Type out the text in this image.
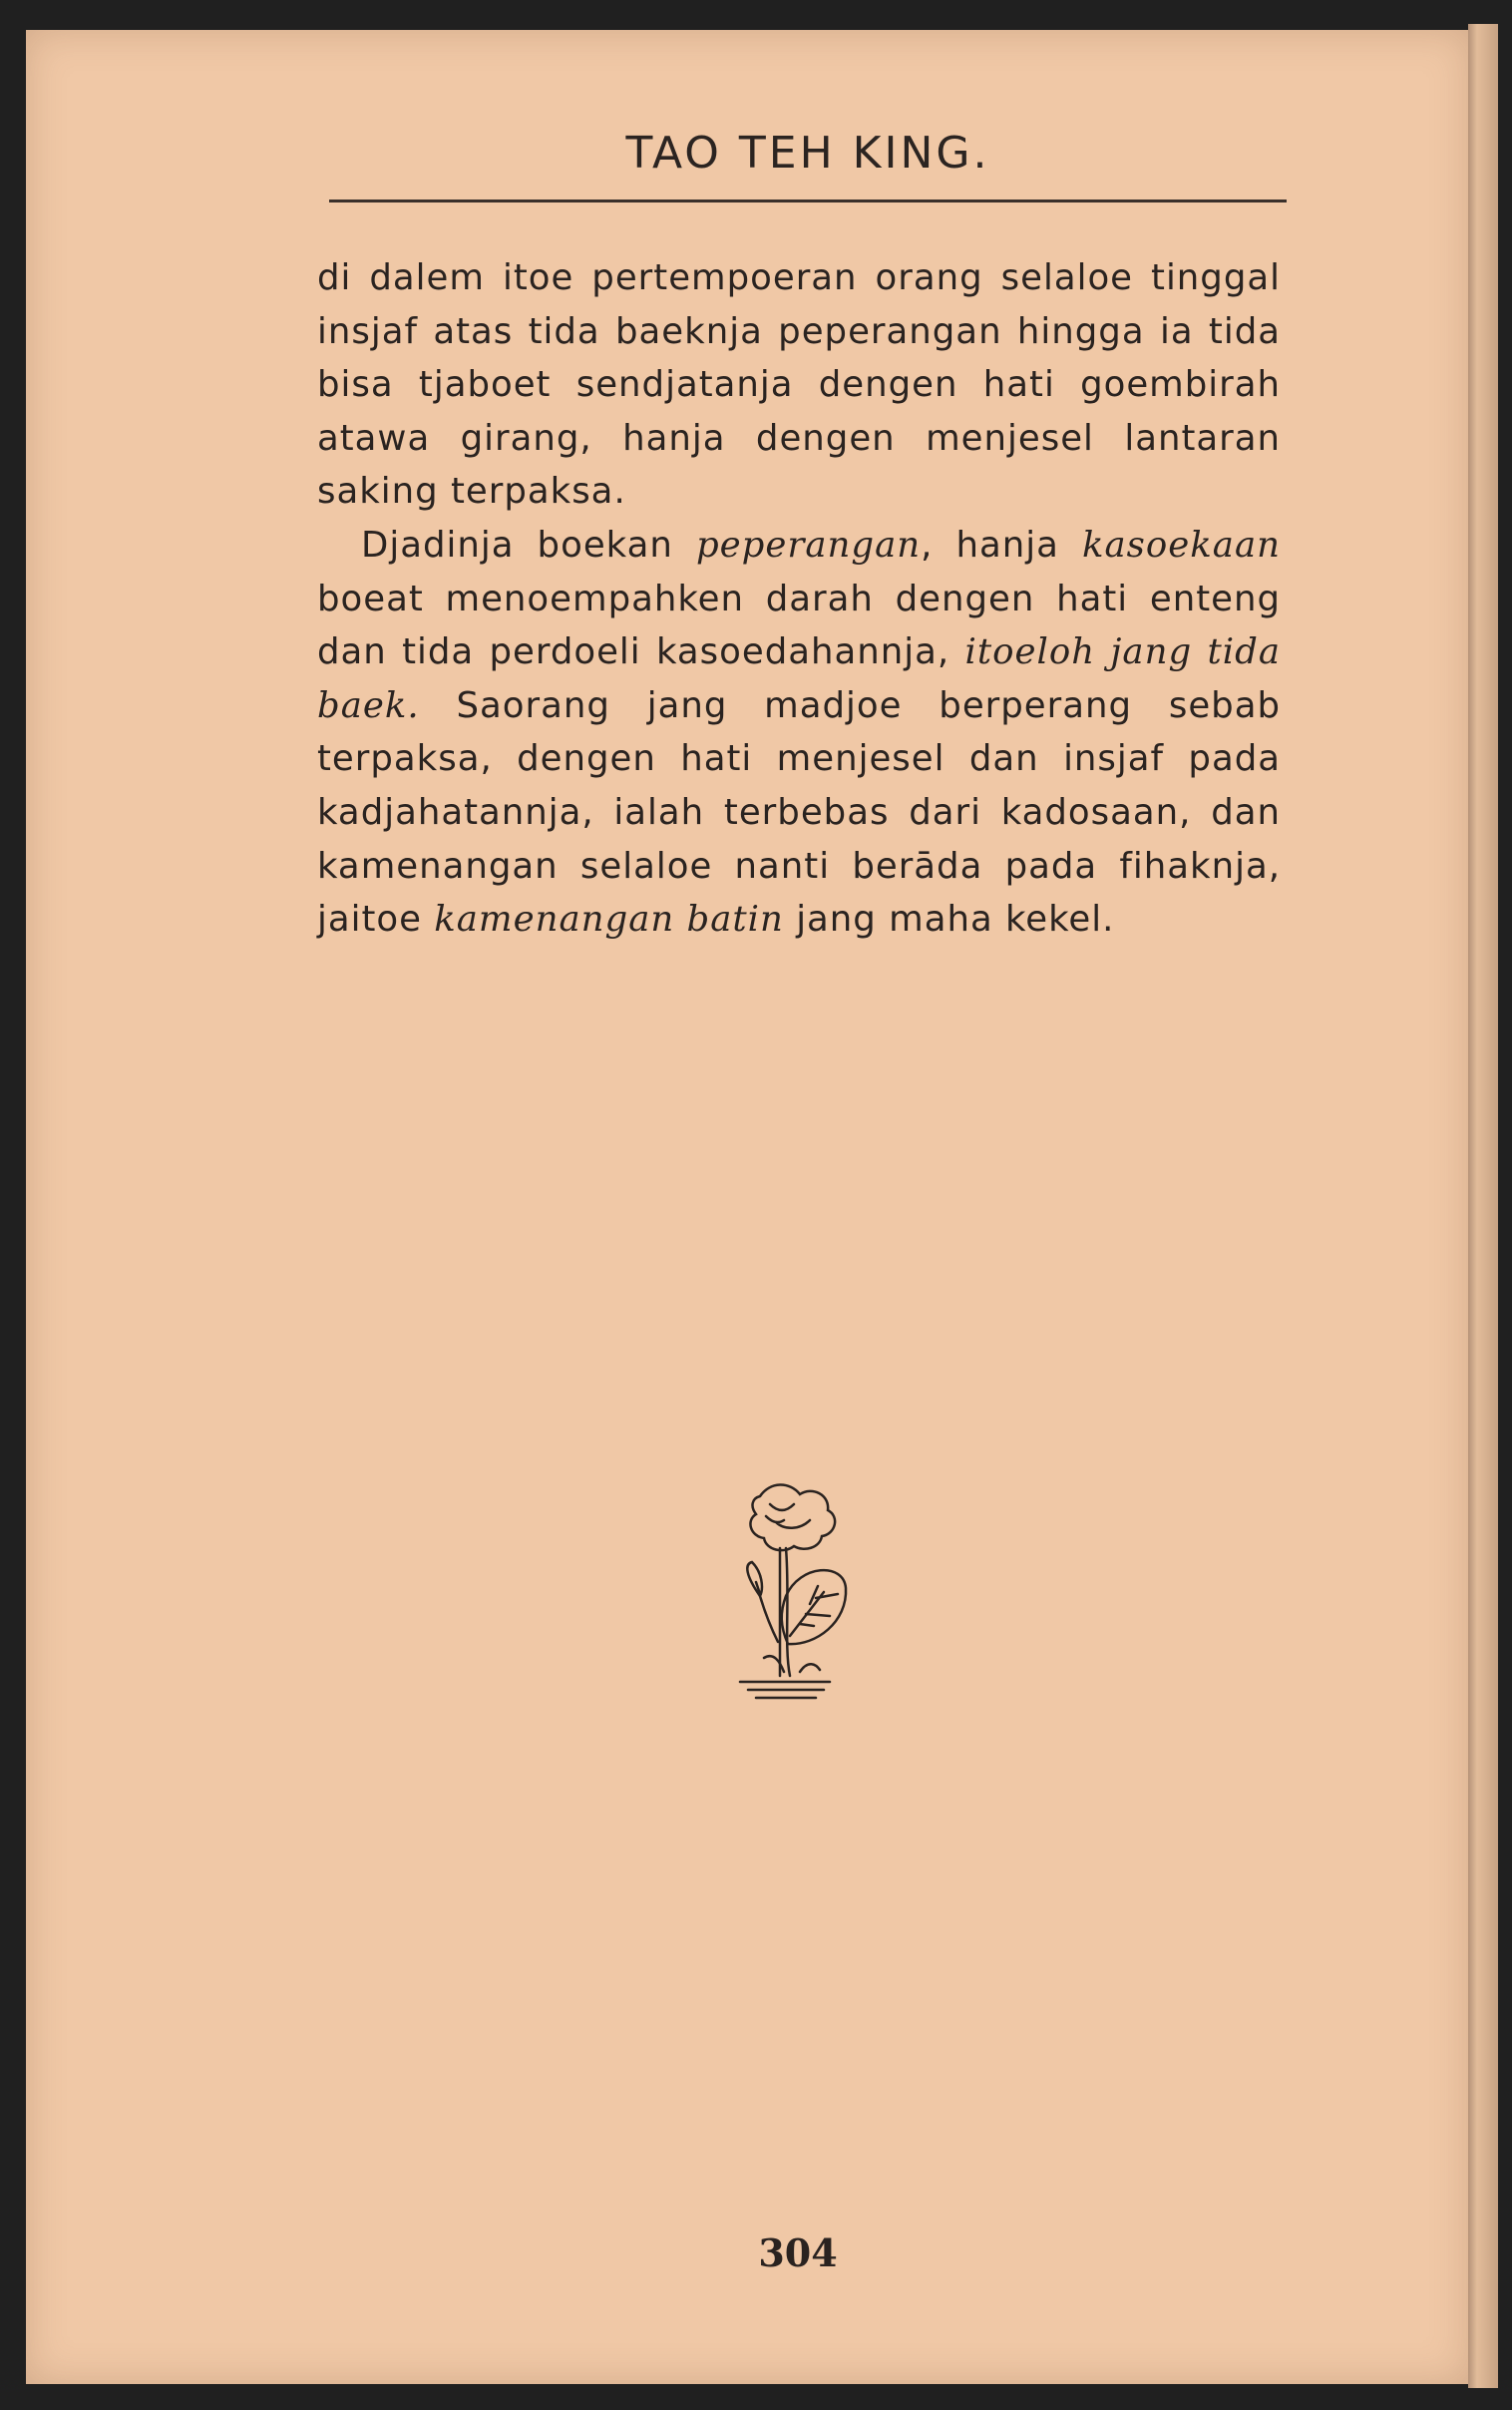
TAO TEH KING.

di dalem itoe pertempoeran orang selaloe tinggal insjaf atas tida baeknja peperangan hingga ia tida bisa tjaboet sendjatanja dengen hati goembirah atawa girang, hanja dengen menjesel lantaran saking terpaksa.

Djadinja boekan peperangan, hanja kasoekaan boeat menoempahken darah dengen hati enteng dan tida perdoeli kasoedahannja, itoeloh jang tida baek. Saorang jang madjoe berperang sebab terpaksa, dengen hati menjesel dan insjaf pada kadjahatannja, ialah terbebas dari kadosaan, dan kamenangan selaloe nanti berāda pada fihaknja, jaitoe kamenangan batin jang maha kekel.

304
